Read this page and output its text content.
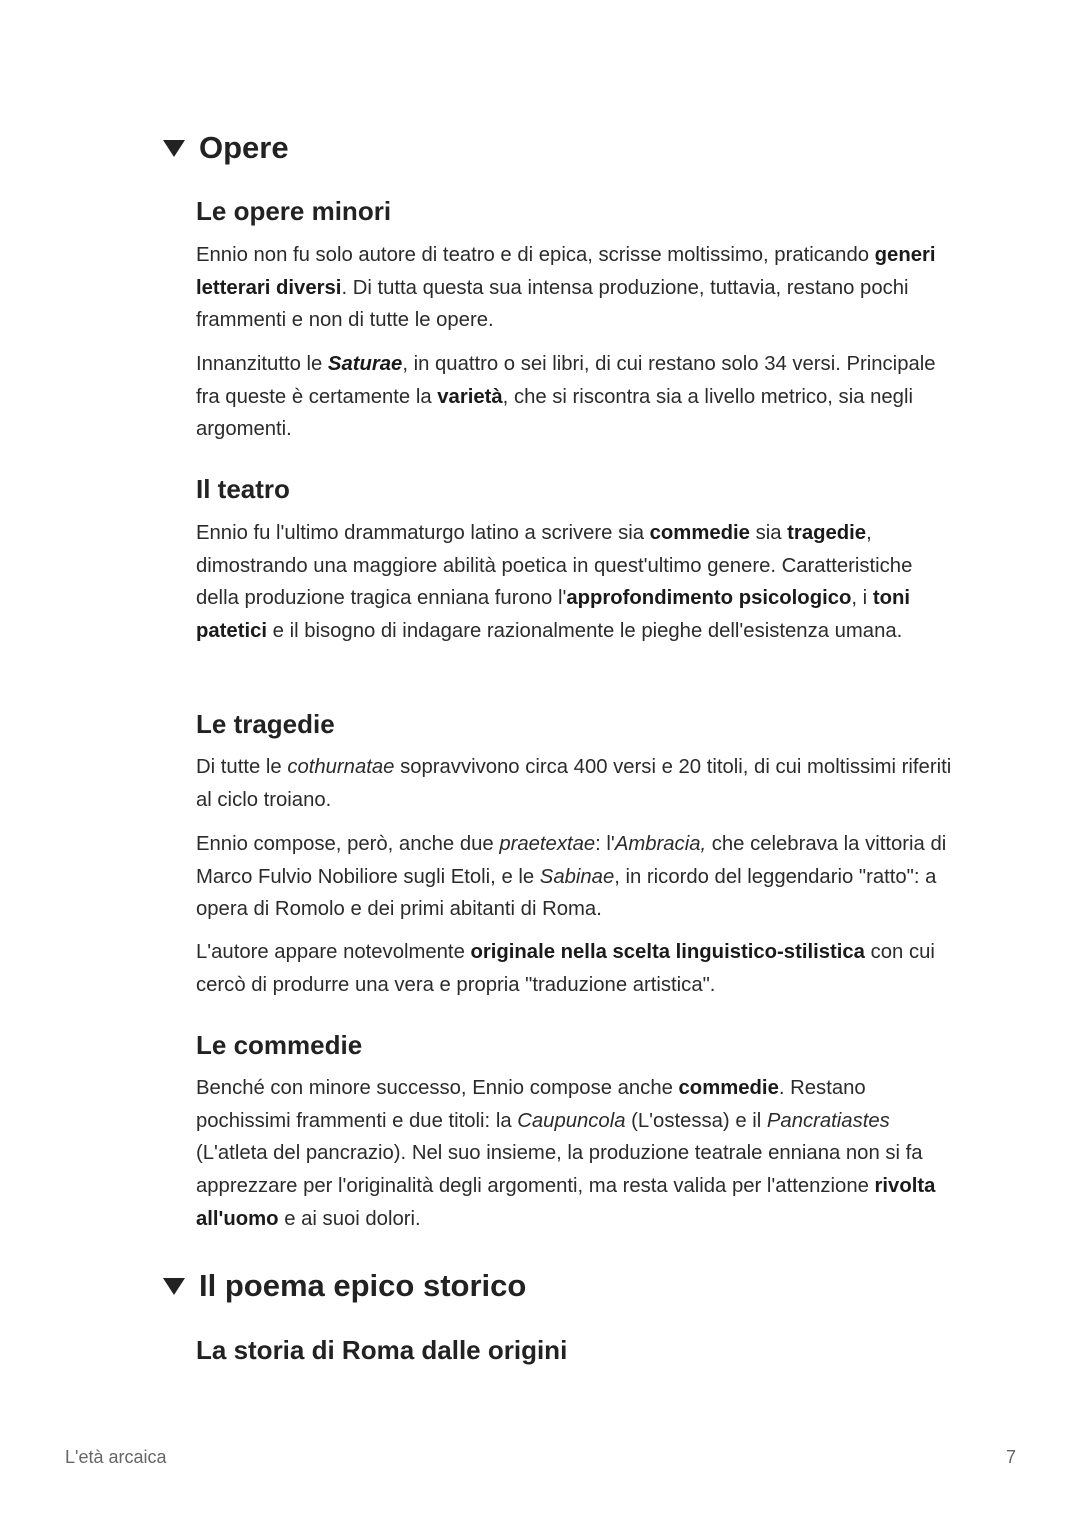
Opere
Le opere minori

Ennio non fu solo autore di teatro e di epica, scrisse moltissimo, praticando generi letterari diversi. Di tutta questa sua intensa produzione, tuttavia, restano pochi frammenti e non di tutte le opere.

Innanzitutto le Saturae, in quattro o sei libri, di cui restano solo 34 versi. Principale fra queste è certamente la varietà, che si riscontra sia a livello metrico, sia negli argomenti.

Il teatro

Ennio fu l'ultimo drammaturgo latino a scrivere sia commedie sia tragedie, dimostrando una maggiore abilità poetica in quest'ultimo genere. Caratteristiche della produzione tragica enniana furono l'approfondimento psicologico, i toni patetici e il bisogno di indagare razionalmente le pieghe dell'esistenza umana.

Le tragedie

Di tutte le cothurnatae sopravvivono circa 400 versi e 20 titoli, di cui moltissimi riferiti al ciclo troiano.

Ennio compose, però, anche due praetextae: l'Ambracia, che celebrava la vittoria di Marco Fulvio Nobiliore sugli Etoli, e le Sabinae, in ricordo del leggendario "ratto": a opera di Romolo e dei primi abitanti di Roma.

L'autore appare notevolmente originale nella scelta linguistico-stilistica con cui cercò di produrre una vera e propria "traduzione artistica".

Le commedie

Benché con minore successo, Ennio compose anche commedie. Restano pochissimi frammenti e due titoli: la Caupuncola (L'ostessa) e il Pancratiastes (L'atleta del pancrazio). Nel suo insieme, la produzione teatrale enniana non si fa apprezzare per l'originalità degli argomenti, ma resta valida per l'attenzione rivolta all'uomo e ai suoi dolori.

Il poema epico storico
La storia di Roma dalle origini
L'età arcaica	7
